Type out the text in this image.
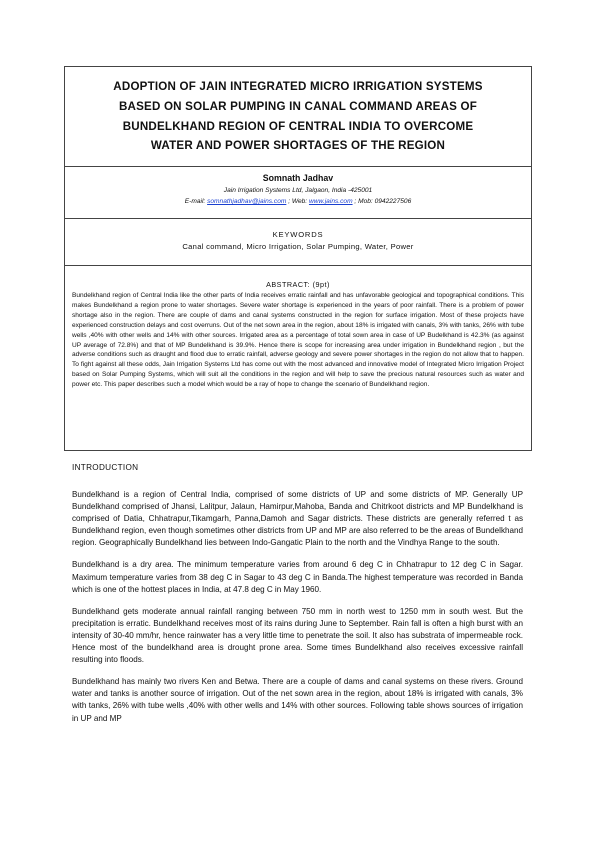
ADOPTION OF JAIN INTEGRATED MICRO IRRIGATION SYSTEMS
BASED ON SOLAR PUMPING IN CANAL COMMAND AREAS OF
BUNDELKHAND REGION OF CENTRAL INDIA TO OVERCOME
WATER AND POWER SHORTAGES OF THE REGION
Somnath Jadhav
Jain Irrigation Systems Ltd, Jalgaon, India -425001
E-mail: somnathjadhav@jains.com ; Web: www.jains.com ; Mob: 0942227506
KEYWORDS
Canal command, Micro Irrigation, Solar Pumping, Water, Power
ABSTRACT: (9pt)

Bundelkhand region of Central India like the other parts of India receives erratic rainfall and has unfavorable geological and topographical conditions. This makes Bundelkhand a region prone to water shortages. Severe water shortage is experienced in the years of poor rainfall. There is a problem of power shortage also in the region. There are couple of dams and canal systems constructed in the region for surface irrigation. Most of these projects have experienced construction delays and cost overruns. Out of the net sown area in the region, about 18% is irrigated with canals, 3% with tanks, 26% with tube wells ,40% with other wells and 14% with other sources. Irrigated area as a percentage of total sown area in case of UP Budelkhand is 42.3% (as against UP average of 72.8%) and that of MP Bundelkhand is 39.9%. Hence there is scope for increasing area under irrigation in Bundelkhand region , but the adverse conditions such as draught and flood due to erratic rainfall, adverse geology and severe power shortages in the region do not allow that to happen. To fight against all these odds, Jain Irrigation Systems Ltd has come out with the most advanced and innovative model of Integrated Micro Irrigation Project based on Solar Pumping Systems, which will suit all the conditions in the region and will help to save the precious natural resources such as water and power etc. This paper describes such a model which would be a ray of hope to change the scenario of Bundelkhand region.

INTRODUCTION

Bundelkhand is a region of Central India, comprised of some districts of UP and some districts of MP. Generally UP Bundelkhand comprised of Jhansi, Lalitpur, Jalaun, Hamirpur,Mahoba, Banda and Chitrkoot districts and MP Bundelkhand is comprised of Datia, Chhatrapur,Tikamgarh, Panna,Damoh and Sagar districts. These districts are generally referred t as Bundelkhand region, even though sometimes other districts from UP and MP are also referred to be the areas of Bundelkhand region. Geographically Bundelkhand lies between Indo-Gangatic Plain to the north and the Vindhya Range to the south.

Bundelkhand is a dry area. The minimum temperature varies from around 6 deg C in Chhatrapur to 12 deg C in Sagar. Maximum temperature varies from 38 deg C in Sagar to 43 deg C in Banda.The highest temperature was recorded in Banda which is one of the hottest places in India, at 47.8 deg C in May 1960.

Bundelkhand gets moderate annual rainfall ranging between 750 mm in north west to 1250 mm in south west. But the precipitation is erratic. Bundelkhand receives most of its rains during June to September. Rain fall is often a high burst with an intensity of 30-40 mm/hr, hence rainwater has a very little time to penetrate the soil. It also has substrata of impermeable rock. Hence most of the bundelkhand area is drought prone area. Some times Bundelkhand also receives excessive rainfall resulting into floods.

Bundelkhand has mainly two rivers Ken and Betwa. There are a couple of dams and canal systems on these rivers. Ground water and tanks is another source of irrigation. Out of the net sown area in the region, about 18% is irrigated with canals, 3% with tanks, 26% with tube wells ,40% with other wells and 14% with other sources. Following table shows sources of irrigation in UP and MP
